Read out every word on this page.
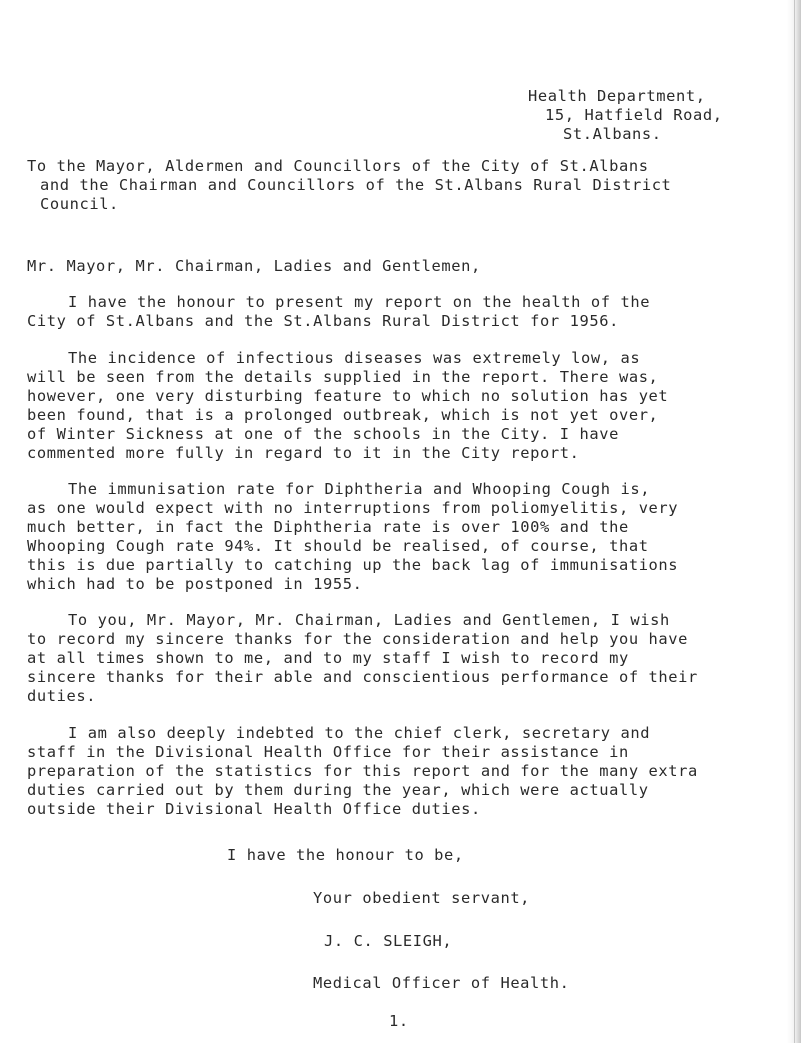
Health Department,
15, Hatfield Road,
St.Albans.
To the Mayor, Aldermen and Councillors of the City of St.Albans
and the Chairman and Councillors of the St.Albans Rural District
Council.
Mr. Mayor, Mr. Chairman, Ladies and Gentlemen,
I have the honour to present my report on the health of the
City of St.Albans and the St.Albans Rural District for 1956.
The incidence of infectious diseases was extremely low, as
will be seen from the details supplied in the report. There was,
however, one very disturbing feature to which no solution has yet
been found, that is a prolonged outbreak, which is not yet over,
of Winter Sickness at one of the schools in the City. I have
commented more fully in regard to it in the City report.
The immunisation rate for Diphtheria and Whooping Cough is,
as one would expect with no interruptions from poliomyelitis, very
much better, in fact the Diphtheria rate is over 100% and the
Whooping Cough rate 94%. It should be realised, of course, that
this is due partially to catching up the back lag of immunisations
which had to be postponed in 1955.
To you, Mr. Mayor, Mr. Chairman, Ladies and Gentlemen, I wish
to record my sincere thanks for the consideration and help you have
at all times shown to me, and to my staff I wish to record my
sincere thanks for their able and conscientious performance of their
duties.
I am also deeply indebted to the chief clerk, secretary and
staff in the Divisional Health Office for their assistance in
preparation of the statistics for this report and for the many extra
duties carried out by them during the year, which were actually
outside their Divisional Health Office duties.
I have the honour to be,
Your obedient servant,
J. C. SLEIGH,
Medical Officer of Health.
1.
